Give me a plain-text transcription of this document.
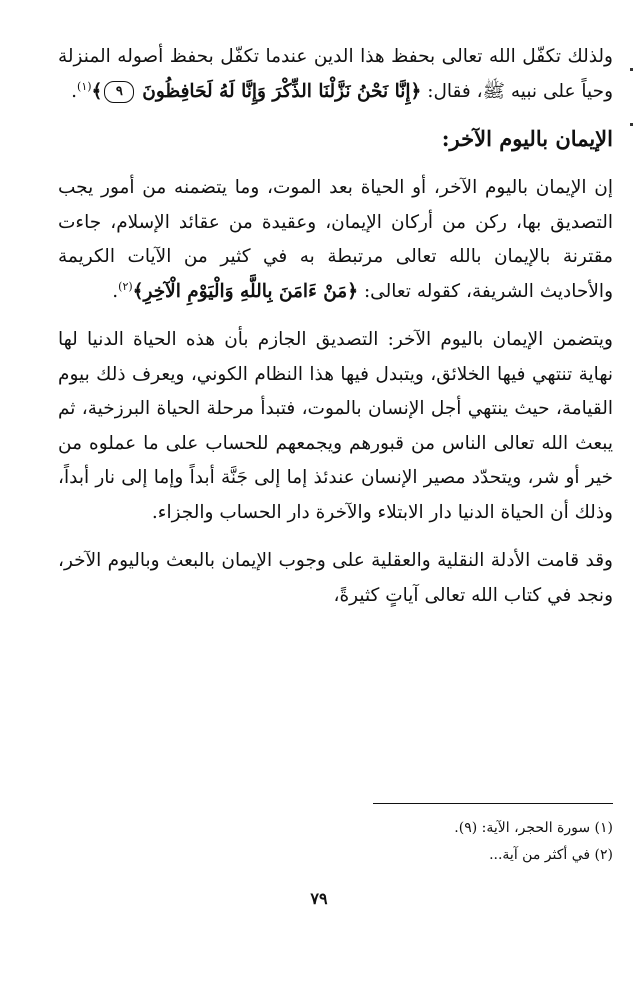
ولذلك تكفّل الله تعالى بحفظ هذا الدين عندما تكفّل بحفظ أصوله المنزلة وحياً على نبيه ﷺ، فقال: ﴿إِنَّا نَحْنُ نَزَّلْنَا الذِّكْرَ وَإِنَّا لَهُ لَحَافِظُونَ ٩﴾$^{(١)}$.

الإيمان باليوم الآخر:

إن الإيمان باليوم الآخر، أو الحياة بعد الموت، وما يتضمنه من أمور يجب التصديق بها، ركن من أركان الإيمان، وعقيدة من عقائد الإسلام، جاءت مقترنة بالإيمان بالله تعالى مرتبطة به في كثير من الآيات الكريمة والأحاديث الشريفة، كقوله تعالى: ﴿مَنْ ءَامَنَ بِاللَّهِ وَالْيَوْمِ الْآخِرِ﴾$^{(٢)}$.

ويتضمن الإيمان باليوم الآخر: التصديق الجازم بأن هذه الحياة الدنيا لها نهاية تنتهي فيها الخلائق، ويتبدل فيها هذا النظام الكوني، ويعرف ذلك بيوم القيامة، حيث ينتهي أجل الإنسان بالموت، فتبدأ مرحلة الحياة البرزخية، ثم يبعث الله تعالى الناس من قبورهم ويجمعهم للحساب على ما عملوه من خير أو شر، ويتحدّد مصير الإنسان عندئذ إما إلى جَنَّة أبداً وإما إلى نار أبداً، وذلك أن الحياة الدنيا دار الابتلاء والآخرة دار الحساب والجزاء.

وقد قامت الأدلة النقلية والعقلية على وجوب الإيمان بالبعث وباليوم الآخر، ونجد في كتاب الله تعالى آياتٍ كثيرةً،

(١) سورة الحجر، الآية: (٩).

(٢) في أكثر من آية...

٧٩
